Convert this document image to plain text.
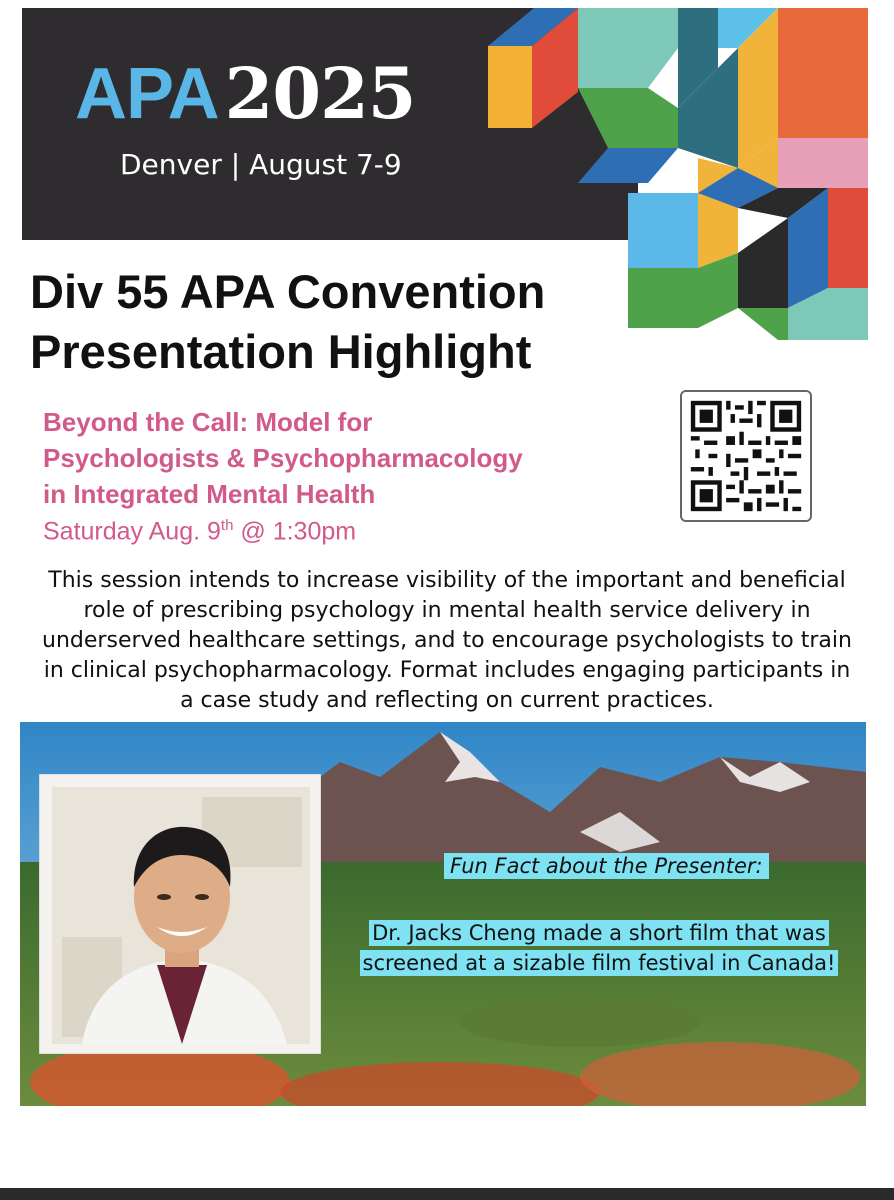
APA2025
Denver | August 7-9
Div 55 APA Convention
Presentation Highlight
Beyond the Call: Model for
Psychologists & Psychopharmacology
in Integrated Mental Health
Saturday Aug. 9th @ 1:30pm
This session intends to increase visibility of the important and beneficial role of prescribing psychology in mental health service delivery in underserved healthcare settings, and to encourage psychologists to train in clinical psychopharmacology. Format includes engaging participants in a case study and reflecting on current practices.
Fun Fact about the Presenter:
Dr. Jacks Cheng made a short film that was screened at a sizable film festival in Canada!
